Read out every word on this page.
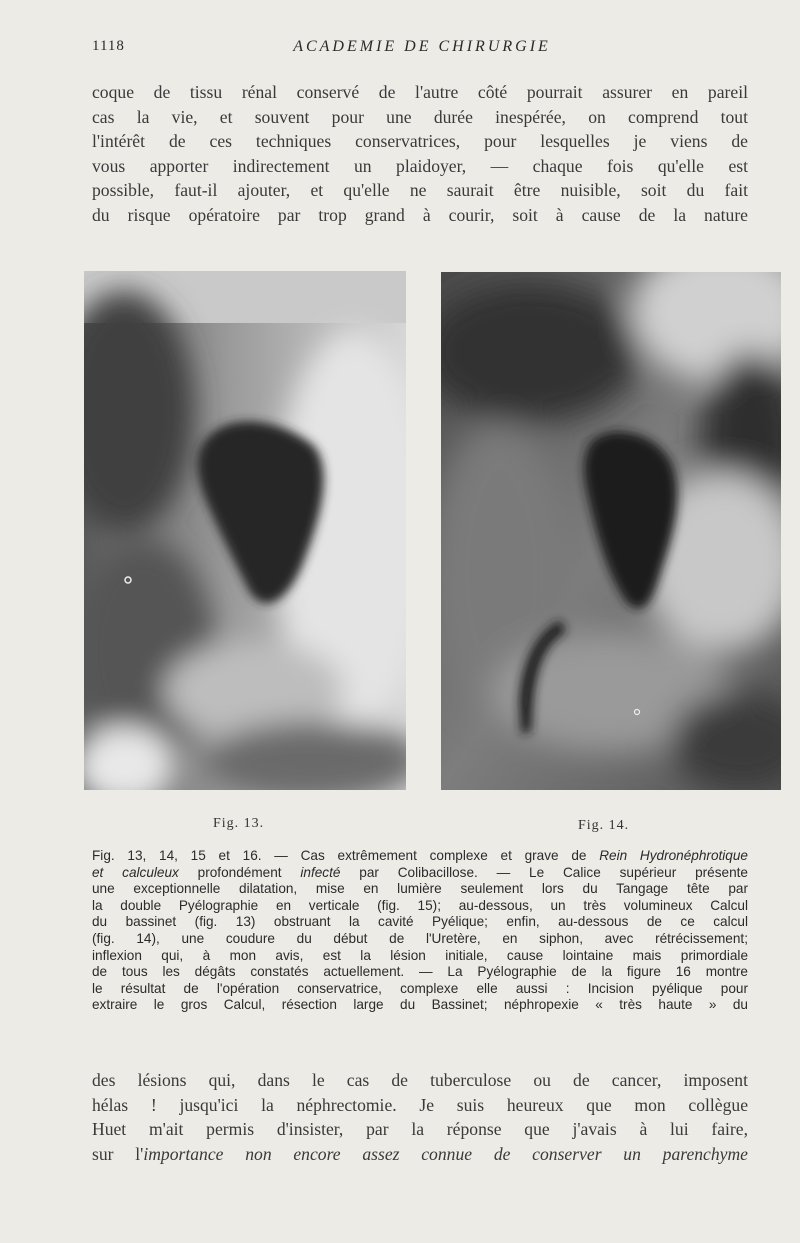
1118	ACADEMIE DE CHIRURGIE
coque de tissu rénal conservé de l'autre côté pourrait assurer en pareil
cas la vie, et souvent pour une durée inespérée, on comprend tout
l'intérêt de ces techniques conservatrices, pour lesquelles je viens de
vous apporter indirectement un plaidoyer, — chaque fois qu'elle est
possible, faut-il ajouter, et qu'elle ne saurait être nuisible, soit du fait
du risque opératoire par trop grand à courir, soit à cause de la nature
Fig. 13.	Fig. 14.
Fig. 13, 14, 15 et 16. — Cas extrêmement complexe et grave de Rein Hydronéphrotique
et calculeux profondément infecté par Colibacillose. — Le Calice supérieur présente
une exceptionnelle dilatation, mise en lumière seulement lors du Tangage tête par
la double Pyélographie en verticale (fig. 15); au-dessous, un très volumineux Calcul
du bassinet (fig. 13) obstruant la cavité Pyélique; enfin, au-dessous de ce calcul
(fig. 14), une coudure du début de l'Uretère, en siphon, avec rétrécissement;
inflexion qui, à mon avis, est la lésion initiale, cause lointaine mais primordiale
de tous les dégâts constatés actuellement. — La Pyélographie de la figure 16 montre
le résultat de l'opération conservatrice, complexe elle aussi : Incision pyélique pour
extraire le gros Calcul, résection large du Bassinet; néphropexie « très haute » du
des lésions qui, dans le cas de tuberculose ou de cancer, imposent
hélas ! jusqu'ici la néphrectomie. Je suis heureux que mon collègue
Huet m'ait permis d'insister, par la réponse que j'avais à lui faire,
sur l'importance non encore assez connue de conserver un parenchyme
